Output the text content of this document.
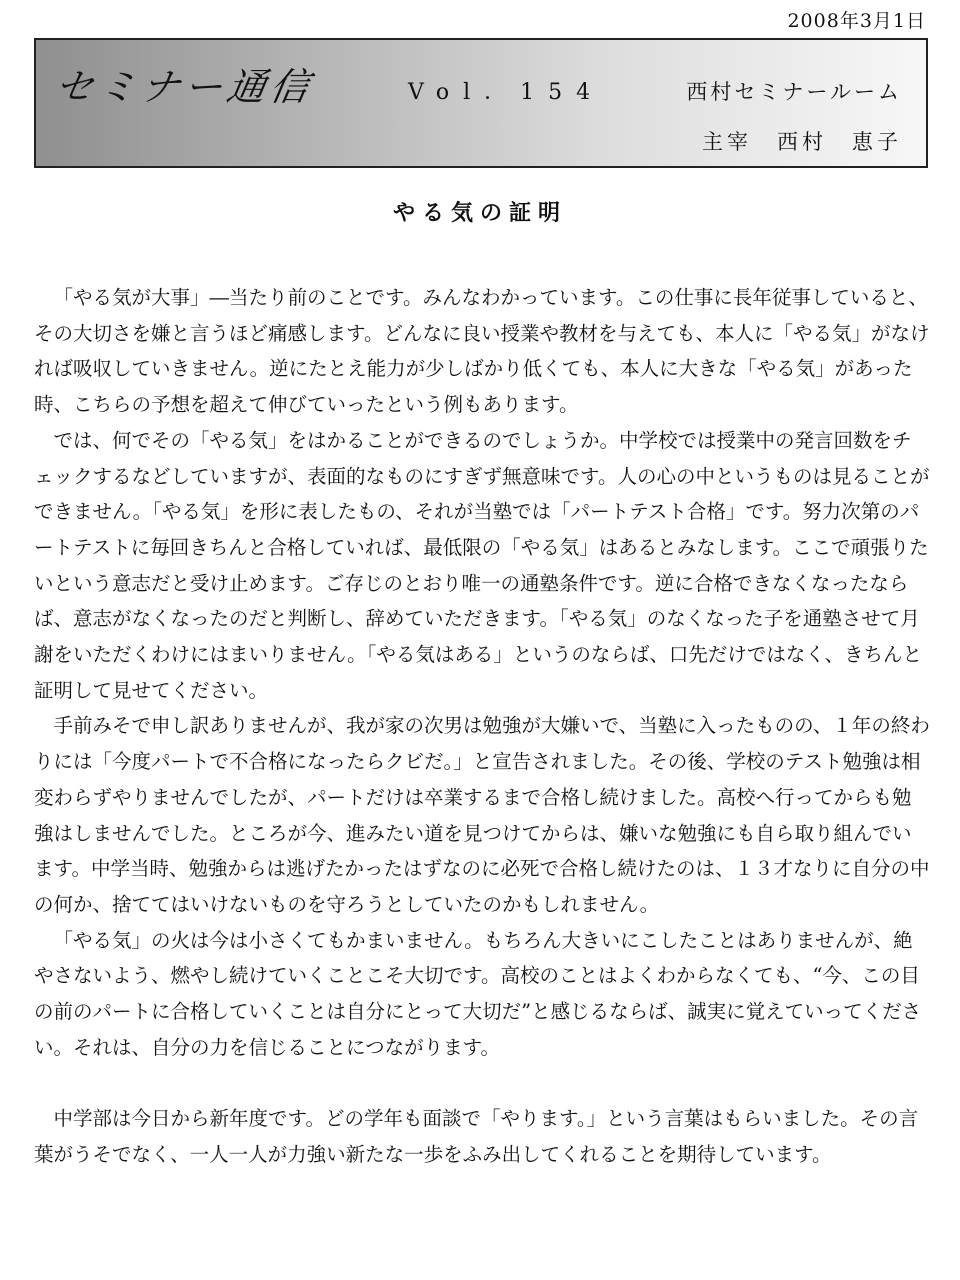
2008年3月1日
セミナー通信	Vol．154	西村セミナールーム
主宰　西村　恵子
やる気の証明

「やる気が大事」―当たり前のことです。みんなわかっています。この仕事に長年従事していると、その大切さを嫌と言うほど痛感します。どんなに良い授業や教材を与えても、本人に「やる気」がなければ吸収していきません。逆にたとえ能力が少しばかり低くても、本人に大きな「やる気」があった時、こちらの予想を超えて伸びていったという例もあります。

では、何でその「やる気」をはかることができるのでしょうか。中学校では授業中の発言回数をチェックするなどしていますが、表面的なものにすぎず無意味です。人の心の中というものは見ることができません。「やる気」を形に表したもの、それが当塾では「パートテスト合格」です。努力次第のパートテストに毎回きちんと合格していれば、最低限の「やる気」はあるとみなします。ここで頑張りたいという意志だと受け止めます。ご存じのとおり唯一の通塾条件です。逆に合格できなくなったならば、意志がなくなったのだと判断し、辞めていただきます。「やる気」のなくなった子を通塾させて月謝をいただくわけにはまいりません。「やる気はある」というのならば、口先だけではなく、きちんと証明して見せてください。

手前みそで申し訳ありませんが、我が家の次男は勉強が大嫌いで、当塾に入ったものの、１年の終わりには「今度パートで不合格になったらクビだ。」と宣告されました。その後、学校のテスト勉強は相変わらずやりませんでしたが、パートだけは卒業するまで合格し続けました。高校へ行ってからも勉強はしませんでした。ところが今、進みたい道を見つけてからは、嫌いな勉強にも自ら取り組んでいます。中学当時、勉強からは逃げたかったはずなのに必死で合格し続けたのは、１３才なりに自分の中の何か、捨ててはいけないものを守ろうとしていたのかもしれません。

「やる気」の火は今は小さくてもかまいません。もちろん大きいにこしたことはありませんが、絶やさないよう、燃やし続けていくことこそ大切です。高校のことはよくわからなくても、“今、この目の前のパートに合格していくことは自分にとって大切だ”と感じるならば、誠実に覚えていってください。それは、自分の力を信じることにつながります。

中学部は今日から新年度です。どの学年も面談で「やります。」という言葉はもらいました。その言葉がうそでなく、一人一人が力強い新たな一歩をふみ出してくれることを期待しています。
